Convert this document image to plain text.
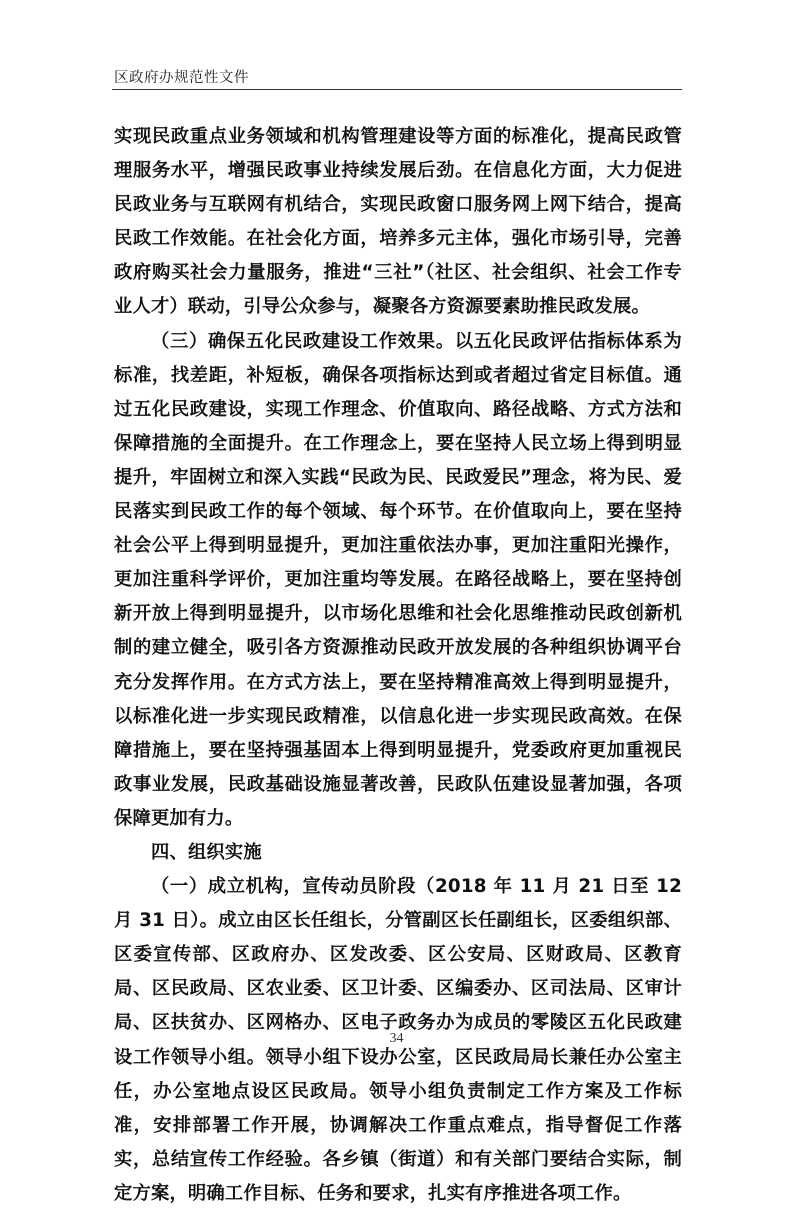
区政府办规范性文件

实现民政重点业务领域和机构管理建设等方面的标准化，提高民政管理服务水平，增强民政事业持续发展后劲。在信息化方面，大力促进民政业务与互联网有机结合，实现民政窗口服务网上网下结合，提高民政工作效能。在社会化方面，培养多元主体，强化市场引导，完善政府购买社会力量服务，推进“三社”（社区、社会组织、社会工作专业人才）联动，引导公众参与，凝聚各方资源要素助推民政发展。

（三）确保五化民政建设工作效果。以五化民政评估指标体系为标准，找差距，补短板，确保各项指标达到或者超过省定目标值。通过五化民政建设，实现工作理念、价值取向、路径战略、方式方法和保障措施的全面提升。在工作理念上，要在坚持人民立场上得到明显提升，牢固树立和深入实践“民政为民、民政爱民”理念，将为民、爱民落实到民政工作的每个领域、每个环节。在价值取向上，要在坚持社会公平上得到明显提升，更加注重依法办事，更加注重阳光操作，更加注重科学评价，更加注重均等发展。在路径战略上，要在坚持创新开放上得到明显提升，以市场化思维和社会化思维推动民政创新机制的建立健全，吸引各方资源推动民政开放发展的各种组织协调平台充分发挥作用。在方式方法上，要在坚持精准高效上得到明显提升，以标准化进一步实现民政精准，以信息化进一步实现民政高效。在保障措施上，要在坚持强基固本上得到明显提升，党委政府更加重视民政事业发展，民政基础设施显著改善，民政队伍建设显著加强，各项保障更加有力。

四、组织实施

（一）成立机构，宣传动员阶段（2018 年 11 月 21 日至 12 月 31 日）。成立由区长任组长，分管副区长任副组长，区委组织部、区委宣传部、区政府办、区发改委、区公安局、区财政局、区教育局、区民政局、区农业委、区卫计委、区编委办、区司法局、区审计局、区扶贫办、区网格办、区电子政务办为成员的零陵区五化民政建设工作领导小组。领导小组下设办公室，区民政局局长兼任办公室主任，办公室地点设区民政局。领导小组负责制定工作方案及工作标准，安排部署工作开展，协调解决工作重点难点，指导督促工作落实，总结宣传工作经验。各乡镇（街道）和有关部门要结合实际，制定方案，明确工作目标、任务和要求，扎实有序推进各项工作。

34
